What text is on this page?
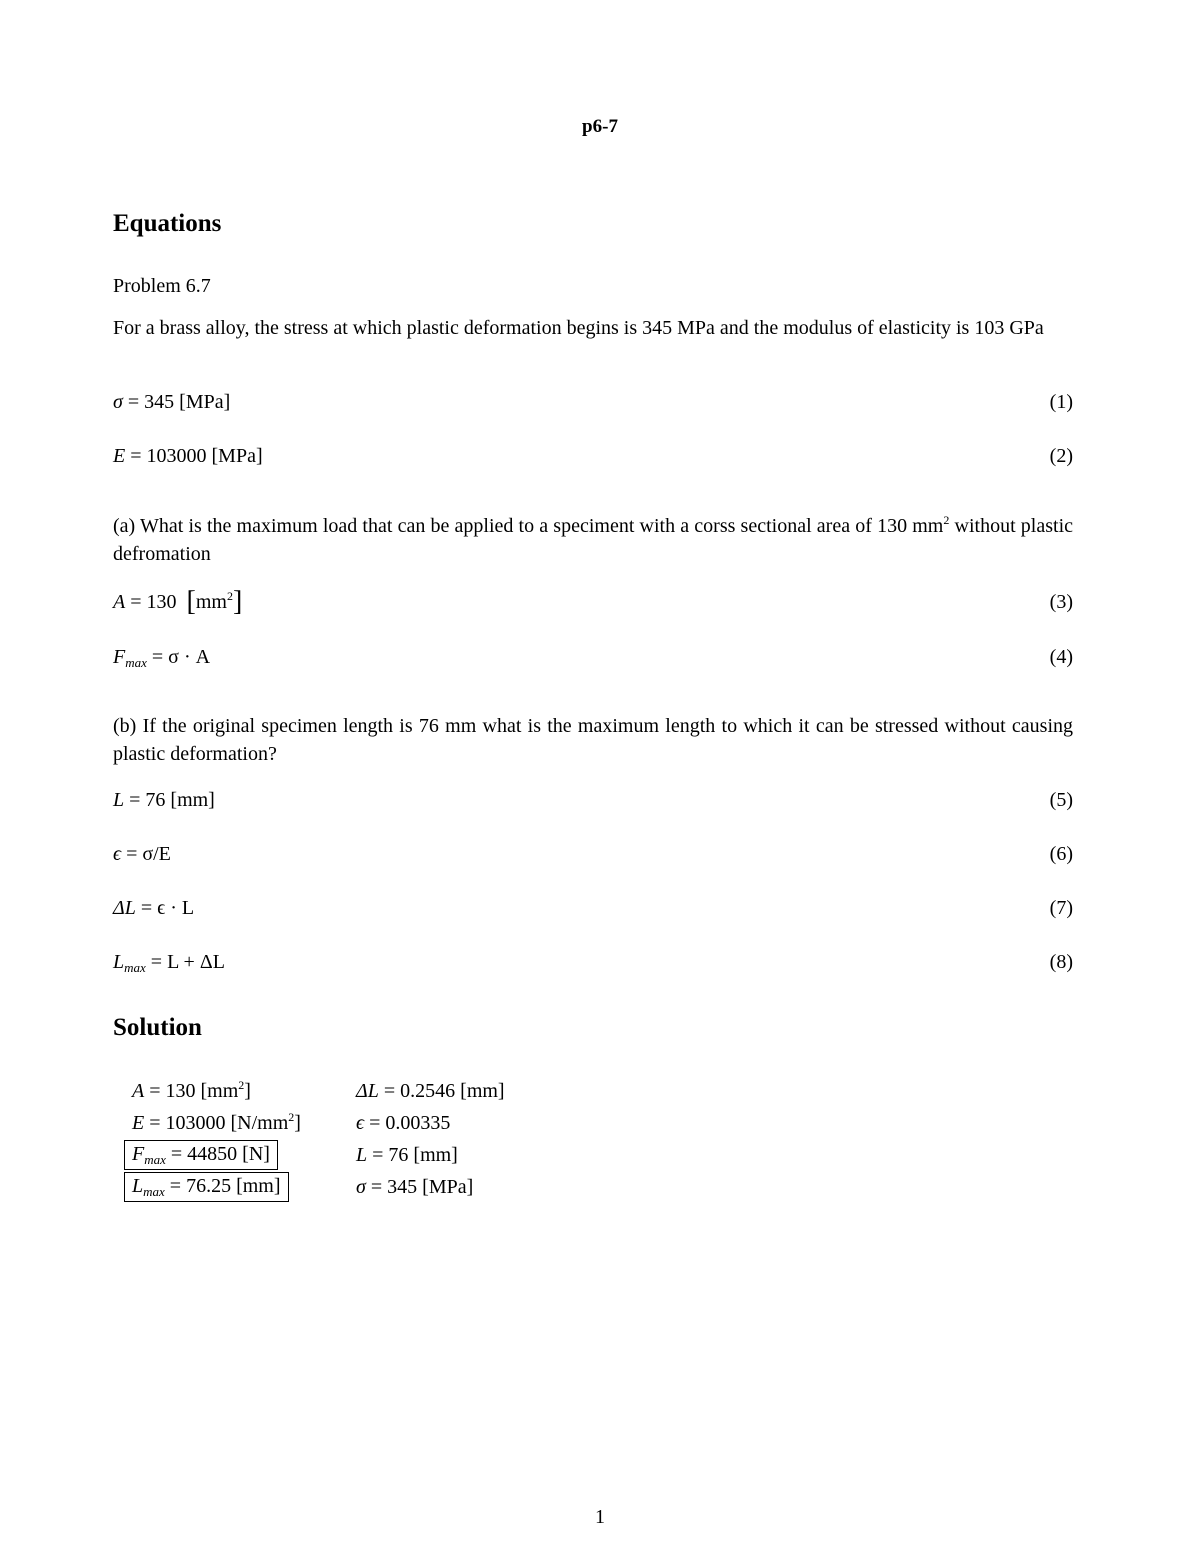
p6-7
Equations

Problem 6.7

For a brass alloy, the stress at which plastic deformation begins is 345 MPa and the modulus of elasticity is 103 GPa

σ = 345 [MPa]	(1)
E = 103000 [MPa]	(2)

(a) What is the maximum load that can be applied to a speciment with a corss sectional area of 130 $mm^2$ without plastic defromation

A = 130 $[mm^2]$	(3)
$F_{max} = \sigma \cdot A$	(4)

(b) If the original specimen length is 76 mm what is the maximum length to which it can be stressed without causing plastic deformation?

L = 76 [mm]	(5)
ϵ = σ/E	(6)
ΔL = ϵ · L	(7)
$L_{max} = L + \Delta L$	(8)
Solution
A = 130 $[mm^2]$	ΔL = 0.2546 [mm]
E = 103000 $[N/mm^2]$	ϵ = 0.00335
$F_{max} = 44850$ [N]	L = 76 [mm]
$L_{max} = 76.25$ [mm]	σ = 345 [MPa]
1
